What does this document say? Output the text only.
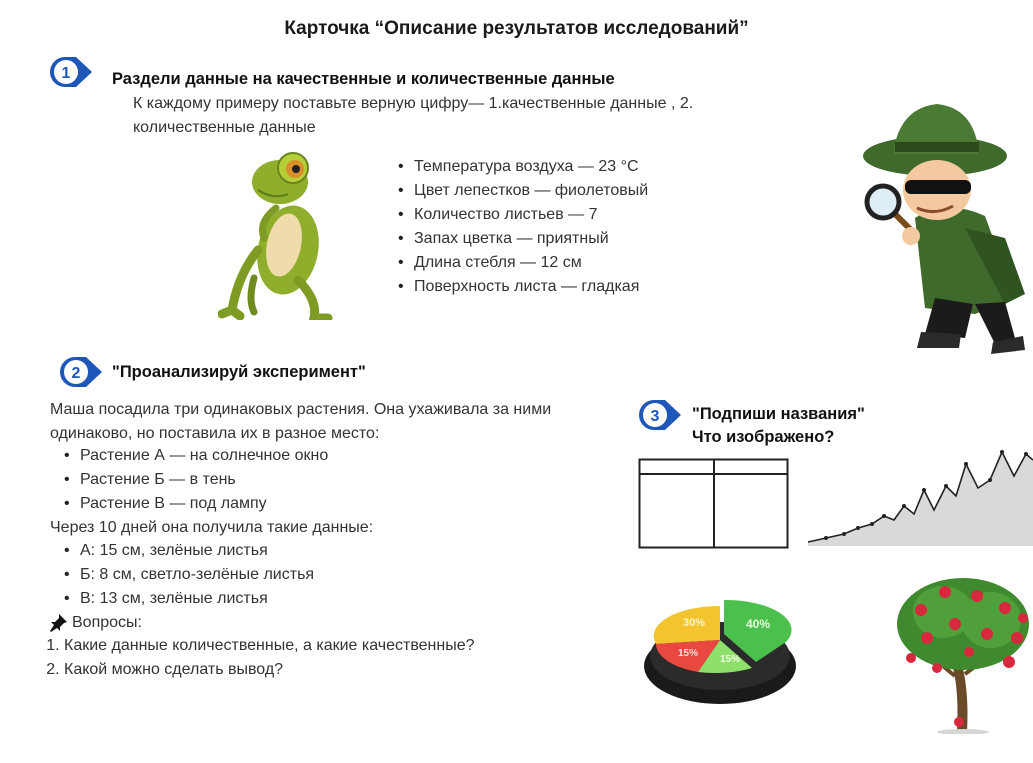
Карточка “Описание результатов исследований”
1	Раздели данные на качественные и количественные данные
К каждому примеру поставьте верную цифру— 1.качественные данные , 2.
количественные данные
• Температура воздуха — 23 °C
• Цвет лепестков — фиолетовый
• Количество листьев — 7
• Запах цветка — приятный
• Длина стебля — 12 см
• Поверхность листа — гладкая
2 "Проанализируй эксперимент"
Маша посадила три одинаковых растения. Она ухаживала за ними
одинаково, но поставила их в разное место:
• Растение А — на солнечное окно
• Растение Б — в тень
• Растение В — под лампу
Через 10 дней она получила такие данные:
• А: 15 см, зелёные листья
• Б: 8 см, светло-зелёные листья
• В: 13 см, зелёные листья
Вопросы:
1. Какие данные количественные, а какие качественные?
2. Какой можно сделать вывод?
3 "Подпиши названия"
Что изображено?
30%	40%
15%
15%
